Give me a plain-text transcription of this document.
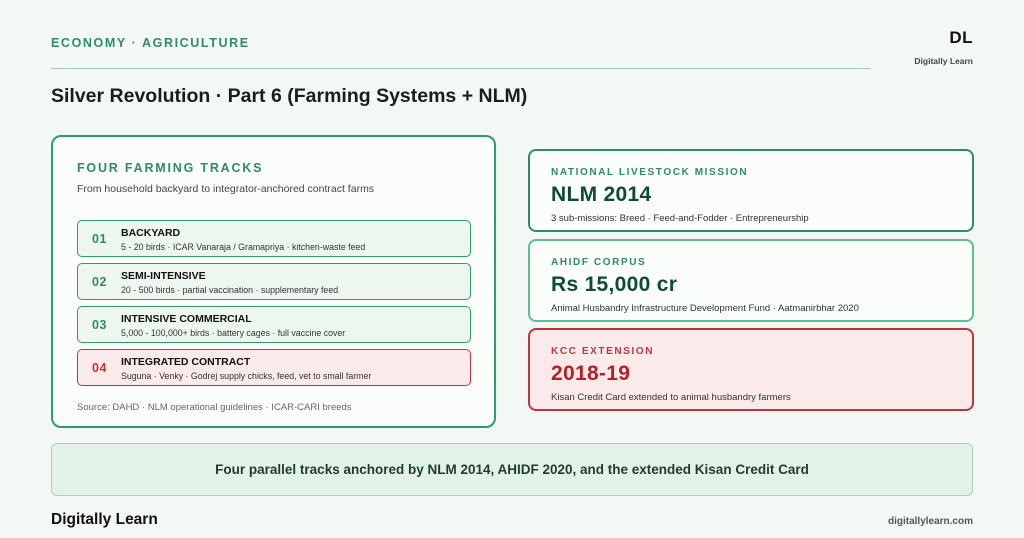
ECONOMY · AGRICULTURE	DL
Digitally Learn
Silver Revolution · Part 6 (Farming Systems + NLM)
FOUR FARMING TRACKS
From household backyard to integrator-anchored contract farms
01 BACKYARD
5 - 20 birds · ICAR Vanaraja / Gramapriya · kitchen-waste feed
02 SEMI-INTENSIVE
20 - 500 birds · partial vaccination · supplementary feed
03 INTENSIVE COMMERCIAL
5,000 - 100,000+ birds · battery cages · full vaccine cover
04 INTEGRATED CONTRACT
Suguna · Venky · Godrej supply chicks, feed, vet to small farmer
Source: DAHD · NLM operational guidelines · ICAR-CARI breeds
NATIONAL LIVESTOCK MISSION
NLM 2014
3 sub-missions: Breed · Feed-and-Fodder · Entrepreneurship
AHIDF CORPUS
Rs 15,000 cr
Animal Husbandry Infrastructure Development Fund · Aatmanirbhar 2020
KCC EXTENSION
2018-19
Kisan Credit Card extended to animal husbandry farmers
Four parallel tracks anchored by NLM 2014, AHIDF 2020, and the extended Kisan Credit Card
Digitally Learn	digitallylearn.com
